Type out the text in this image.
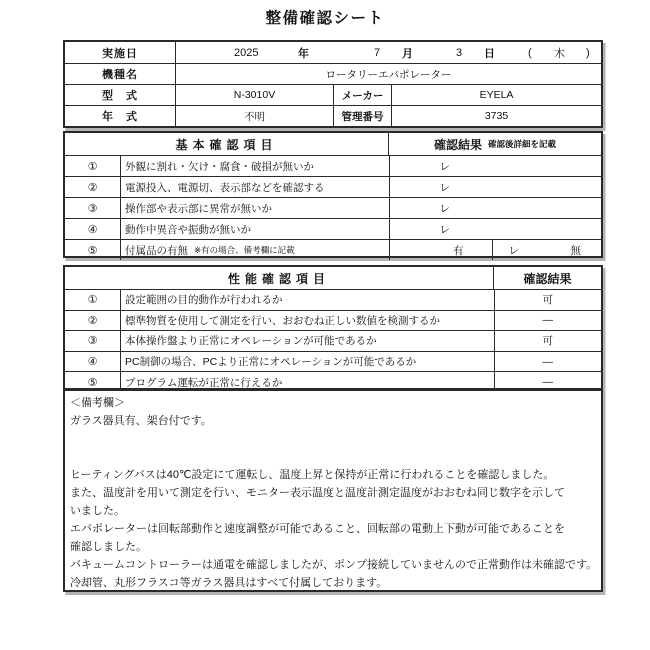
整備確認シート
実施日	2025	年	7 月	3 日	( 木 )
機種名	ロータリーエバポレーター
型　式	N-3010V	メーカー	EYELA
年　式	不明	管理番号	3735
基本確認項目	確認結果 確認後詳細を記載
①	外観に割れ・欠け・腐食・破損が無いか	レ
②	電源投入、電源切、表示部などを確認する	レ
③	操作部や表示部に異常が無いか	レ
④	動作中異音や振動が無いか	レ
⑤	付属品の有無 ※有の場合、備考欄に記載	有	レ	無
性能確認項目	確認結果
①	設定範囲の目的動作が行われるか	可
②	標準物質を使用して測定を行い、おおむね正しい数値を検測するか	―
③	本体操作盤より正常にオペレーションが可能であるか	可
④	PC制御の場合、PCより正常にオペレーションが可能であるか	―
⑤	プログラム運転が正常に行えるか	―
＜備考欄＞
ガラス器具有、架台付です。
ヒーティングバスは40℃設定にて運転し、温度上昇と保持が正常に行われることを確認しました。
また、温度計を用いて測定を行い、モニター表示温度と温度計測定温度がおおむね同じ数字を示して
いました。
エバポレーターは回転部動作と速度調整が可能であること、回転部の電動上下動が可能であることを
確認しました。
バキュームコントローラーは通電を確認しましたが、ポンプ接続していませんので正常動作は未確認です。
冷却管、丸形フラスコ等ガラス器具はすべて付属しております。
